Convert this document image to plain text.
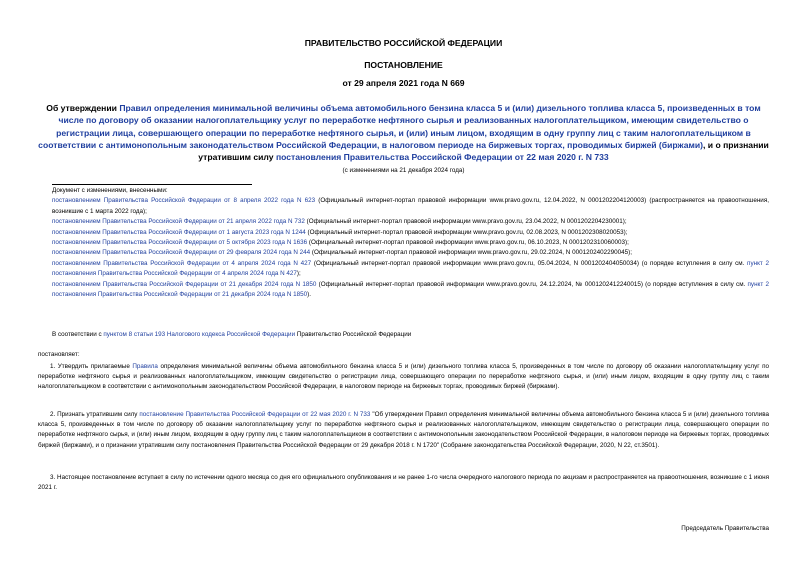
ПРАВИТЕЛЬСТВО РОССИЙСКОЙ ФЕДЕРАЦИИ
ПОСТАНОВЛЕНИЕ
от 29 апреля 2021 года N 669
Об утверждении Правил определения минимальной величины объема автомобильного бензина класса 5 и (или) дизельного топлива класса 5, произведенных в том числе по договору об оказании налогоплательщику услуг по переработке нефтяного сырья и реализованных налогоплательщиком, имеющим свидетельство о регистрации лица, совершающего операции по переработке нефтяного сырья, и (или) иным лицом, входящим в одну группу лиц с таким налогоплательщиком в соответствии с антимонопольным законодательством Российской Федерации, в налоговом периоде на биржевых торгах, проводимых биржей (биржами), и о признании утратившим силу постановления Правительства Российской Федерации от 22 мая 2020 г. N 733
(с изменениями на 21 декабря 2024 года)
Документ с изменениями, внесенными:
постановлением Правительства Российской Федерации от 8 апреля 2022 года N 623 (Официальный интернет-портал правовой информации www.pravo.gov.ru, 12.04.2022, N 0001202204120003) (распространяется на правоотношения, возникшие с 1 марта 2022 года);
постановлением Правительства Российской Федерации от 21 апреля 2022 года N 732 (Официальный интернет-портал правовой информации www.pravo.gov.ru, 23.04.2022, N 0001202204230001);
постановлением Правительства Российской Федерации от 1 августа 2023 года N 1244 (Официальный интернет-портал правовой информации www.pravo.gov.ru, 02.08.2023, N 0001202308020053);
постановлением Правительства Российской Федерации от 5 октября 2023 года N 1636 (Официальный интернет-портал правовой информации www.pravo.gov.ru, 06.10.2023, N 0001202310060003);
постановлением Правительства Российской Федерации от 29 февраля 2024 года N 244 (Официальный интернет-портал правовой информации www.pravo.gov.ru, 29.02.2024, N 0001202402290045);
постановлением Правительства Российской Федерации от 4 апреля 2024 года N 427 (Официальный интернет-портал правовой информации www.pravo.gov.ru, 05.04.2024, N 0001202404050034) (о порядке вступления в силу см. пункт 2 постановления Правительства Российской Федерации от 4 апреля 2024 года N 427);
постановлением Правительства Российской Федерации от 21 декабря 2024 года N 1850 (Официальный интернет-портал правовой информации www.pravo.gov.ru, 24.12.2024, № 0001202412240015) (о порядке вступления в силу см. пункт 2 постановления Правительства Российской Федерации от 21 декабря 2024 года N 1850).
В соответствии с пунктом 8 статьи 193 Налогового кодекса Российской Федерации Правительство Российской Федерации
постановляет:
1. Утвердить прилагаемые Правила определения минимальной величины объема автомобильного бензина класса 5 и (или) дизельного топлива класса 5, произведенных в том числе по договору об оказании налогоплательщику услуг по переработке нефтяного сырья и реализованных налогоплательщиком, имеющим свидетельство о регистрации лица, совершающего операции по переработке нефтяного сырья, и (или) иным лицом, входящим в одну группу лиц с таким налогоплательщиком в соответствии с антимонопольным законодательством Российской Федерации, в налоговом периоде на биржевых торгах, проводимых биржей (биржами).
2. Признать утратившим силу постановление Правительства Российской Федерации от 22 мая 2020 г. N 733 "Об утверждении Правил определения минимальной величины объема автомобильного бензина класса 5 и (или) дизельного топлива класса 5, произведенных в том числе по договору об оказании налогоплательщику услуг по переработке нефтяного сырья и реализованных налогоплательщиком, имеющим свидетельство о регистрации лица, совершающего операции по переработке нефтяного сырья, и (или) иным лицом, входящим в одну группу лиц с таким налогоплательщиком в соответствии с антимонопольным законодательством Российской Федерации, в налоговом периоде на биржевых торгах, проводимых биржей (биржами), и о признании утратившим силу постановления Правительства Российской Федерации от 29 декабря 2018 г. N 1720" (Собрание законодательства Российской Федерации, 2020, N 22, ст.3501).
3. Настоящее постановление вступает в силу по истечении одного месяца со дня его официального опубликования и не ранее 1-го числа очередного налогового периода по акцизам и распространяется на правоотношения, возникшие с 1 июня 2021 г.
Председатель Правительства
